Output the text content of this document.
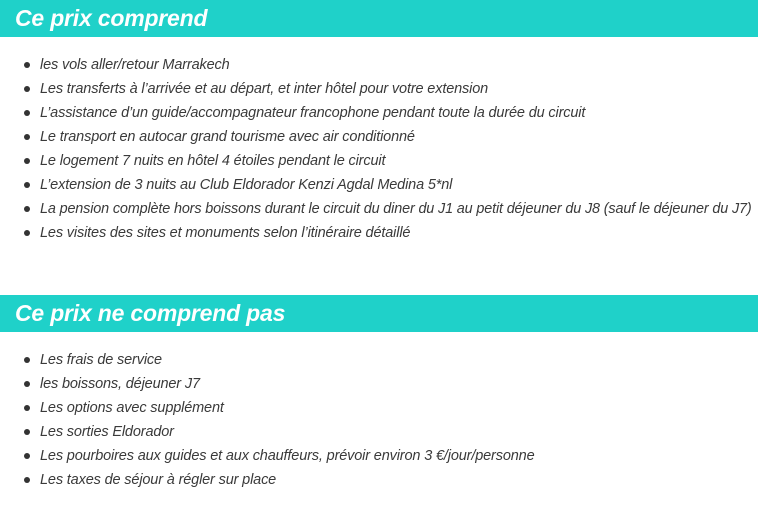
Ce prix comprend
les vols aller/retour Marrakech
Les transferts à l’arrivée et au départ, et inter hôtel pour votre extension
L’assistance d’un guide/accompagnateur francophone pendant toute la durée du circuit
Le transport en autocar grand tourisme avec air conditionné
Le logement 7 nuits en hôtel 4 étoiles pendant le circuit
L’extension de 3 nuits au Club Eldorador Kenzi Agdal Medina 5*nl
La pension complète hors boissons durant le circuit du diner du J1 au petit déjeuner du J8 (sauf le déjeuner du J7)
Les visites des sites et monuments selon l’itinéraire détaillé
Ce prix ne comprend pas
Les frais de service
les boissons, déjeuner J7
Les options avec supplément
Les sorties Eldorador
Les pourboires aux guides et aux chauffeurs, prévoir environ 3 €/jour/personne
Les taxes de séjour à régler sur place
